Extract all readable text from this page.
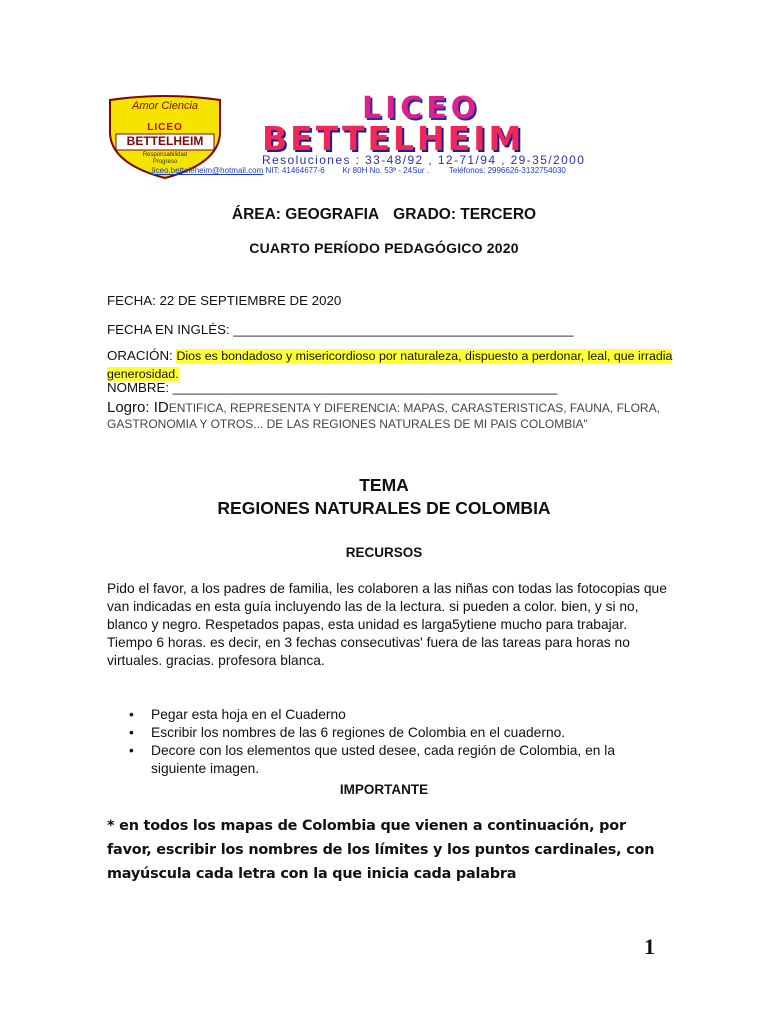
Amor Ciencia
LICEO
BETTELHEIM
Responsabilidad
Progreso
LICEO
BETTELHEIM
Resoluciones : 33-48/92 , 12-71/94 , 29-35/2000
liceo.betteleheim@hotmail.com NIT: 41464677-6 Kr 80H No. 53ª - 24Sur . Teléfonos: 2996626-3132754030
ÁREA: GEOGRAFIA GRADO: TERCERO
CUARTO PERÍODO PEDAGÓGICO 2020
FECHA: 22 DE SEPTIEMBRE DE 2020
FECHA EN INGLÉS: ______________________________________________
ORACIÓN: Dios es bondadoso y misericordioso por naturaleza, dispuesto a perdonar, leal, que irradia generosidad.
NOMBRE: ____________________________________________________
Logro: IDENTIFICA, REPRESENTA Y DIFERENCIA: MAPAS, CARASTERISTICAS, FAUNA, FLORA, GASTRONOMIA Y OTROS... DE LAS REGIONES NATURALES DE MI PAIS COLOMBIA"
TEMA
REGIONES NATURALES DE COLOMBIA
RECURSOS
Pido el favor, a los padres de familia, les colaboren a las niñas con todas las fotocopias que van indicadas en esta guía incluyendo las de la lectura. si pueden a color. bien, y si no, blanco y negro. Respetados papas, esta unidad es larga5ytiene mucho para trabajar. Tiempo 6 horas. es decir, en 3 fechas consecutivas' fuera de las tareas para horas no virtuales. gracias. profesora blanca.
• Pegar esta hoja en el Cuaderno
• Escribir los nombres de las 6 regiones de Colombia en el cuaderno.
• Decore con los elementos que usted desee, cada región de Colombia, en la siguiente imagen.
IMPORTANTE
* en todos los mapas de Colombia que vienen a continuación, por favor, escribir los nombres de los límites y los puntos cardinales, con mayúscula cada letra con la que inicia cada palabra
1
